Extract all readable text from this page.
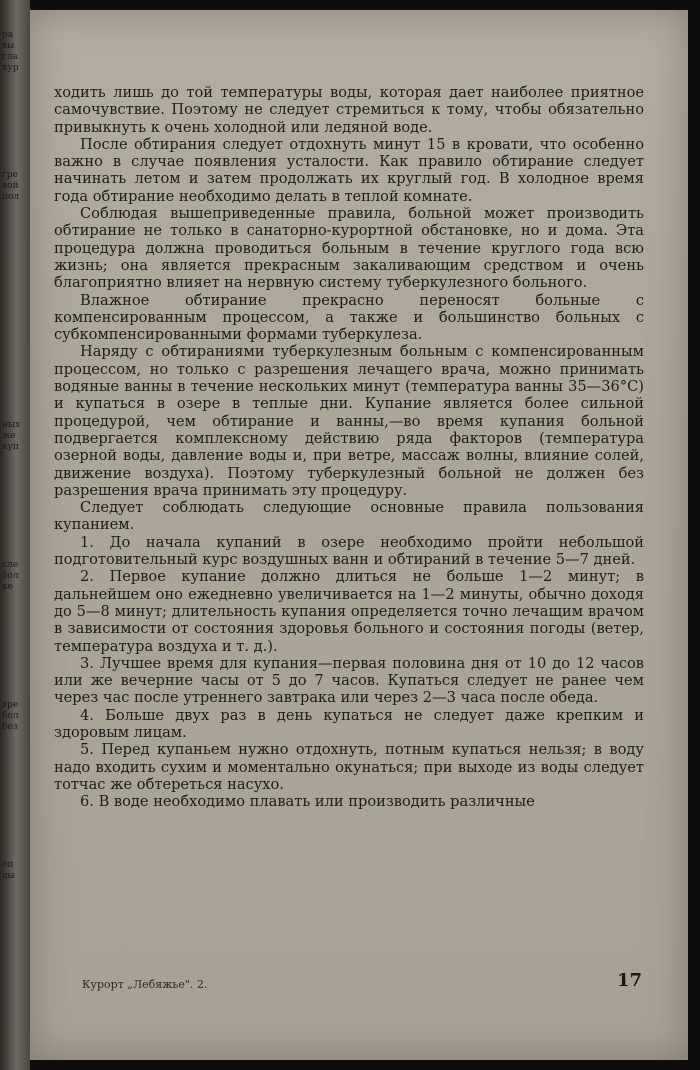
ра
вы
гла
кур
гре
вой
пол
ных
же
куп
сле
бол
ке
вре
бол
без
оп
ды

ходить лишь до той температуры воды, которая дает наиболее приятное самочувствие. Поэтому не следует стремиться к тому, чтобы обязательно привыкнуть к очень холодной или ледяной воде.

После обтирания следует отдохнуть минут 15 в кровати, что особенно важно в случае появления усталости. Как правило обтирание следует начинать летом и затем продолжать их круглый год. В холодное время года обтирание необходимо делать в теплой комнате.

Соблюдая вышеприведенные правила, больной может производить обтирание не только в санаторно-курортной обстановке, но и дома. Эта процедура должна проводиться больным в течение круглого года всю жизнь; она является прекрасным закаливающим средством и очень благоприятно влияет на нервную систему туберкулезного больного.

Влажное обтирание прекрасно переносят больные с компенсированным процессом, а также и большинство больных с субкомпенсированными формами туберкулеза.

Наряду с обтираниями туберкулезным больным с компенсированным процессом, но только с разрешения лечащего врача, можно принимать водяные ванны в течение нескольких минут (температура ванны 35—36°С) и купаться в озере в теплые дни. Купание является более сильной процедурой, чем обтирание и ванны,—во время купания больной подвергается комплексному действию ряда факторов (температура озерной воды, давление воды и, при ветре, массаж волны, влияние солей, движение воздуха). Поэтому туберкулезный больной не должен без разрешения врача принимать эту процедуру.

Следует соблюдать следующие основные правила пользования купанием.

1. До начала купаний в озере необходимо пройти небольшой подготовительный курс воздушных ванн и обтираний в течение 5—7 дней.

2. Первое купание должно длиться не больше 1—2 минут; в дальнейшем оно ежедневно увеличивается на 1—2 минуты, обычно доходя до 5—8 минут; длительность купания определяется точно лечащим врачом в зависимости от состояния здоровья больного и состояния погоды (ветер, температура воздуха и т. д.).

3. Лучшее время для купания—первая половина дня от 10 до 12 часов или же вечерние часы от 5 до 7 часов. Купаться следует не ранее чем через час после утреннего завтрака или через 2—3 часа после обеда.

4. Больше двух раз в день купаться не следует даже крепким и здоровым лицам.

5. Перед купаньем нужно отдохнуть, потным купаться нельзя; в воду надо входить сухим и моментально окунаться; при выходе из воды следует тотчас же обтереться насухо.

6. В воде необходимо плавать или производить различные

Курорт „Лебяжье". 2.	17
